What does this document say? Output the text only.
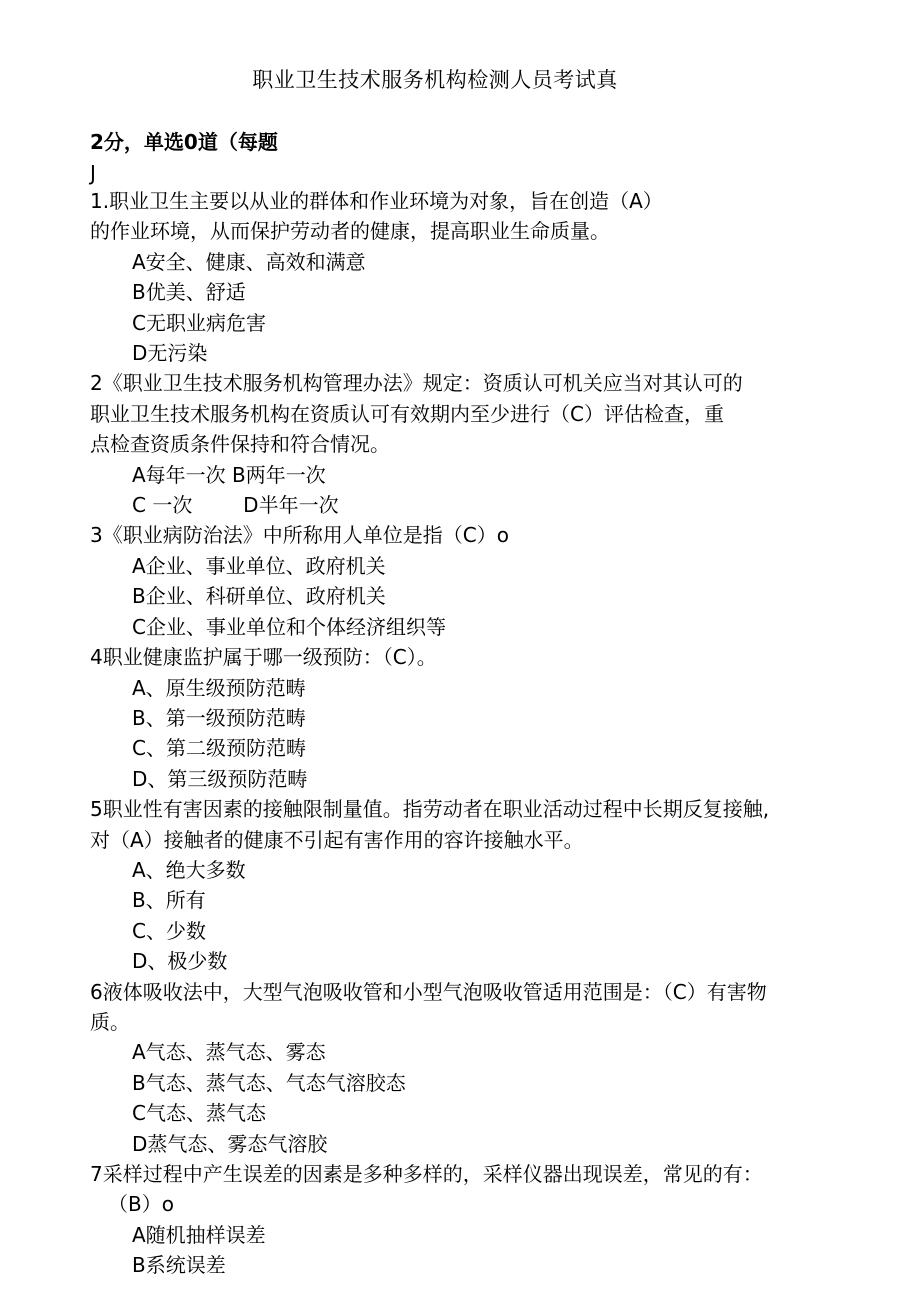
职业卫生技术服务机构检测人员考试真
2分，单选0道（每题
J
1.职业卫生主要以从业的群体和作业环境为对象，旨在创造（A）
的作业环境，从而保护劳动者的健康，提高职业生命质量。
A安全、健康、高效和满意
B优美、舒适
C无职业病危害
D无污染
2《职业卫生技术服务机构管理办法》规定：资质认可机关应当对其认可的
职业卫生技术服务机构在资质认可有效期内至少进行（C）评估检查，重
点检查资质条件保持和符合情况。
A每年一次 B两年一次
C 一次        D半年一次
3《职业病防治法》中所称用人单位是指（C）o
A企业、事业单位、政府机关
B企业、科研单位、政府机关
C企业、事业单位和个体经济组织等
4职业健康监护属于哪一级预防：（C）。
A、原生级预防范畴
B、第一级预防范畴
C、第二级预防范畴
D、第三级预防范畴
5职业性有害因素的接触限制量值。指劳动者在职业活动过程中长期反复接触,
对（A）接触者的健康不引起有害作用的容许接触水平。
A、绝大多数
B、所有
C、少数
D、极少数
6液体吸收法中，大型气泡吸收管和小型气泡吸收管适用范围是：（C）有害物
质。
A气态、蒸气态、雾态
B气态、蒸气态、气态气溶胶态
C气态、蒸气态
D蒸气态、雾态气溶胶
7采样过程中产生误差的因素是多种多样的，采样仪器出现误差，常见的有：
（B）o
A随机抽样误差
B系统误差
